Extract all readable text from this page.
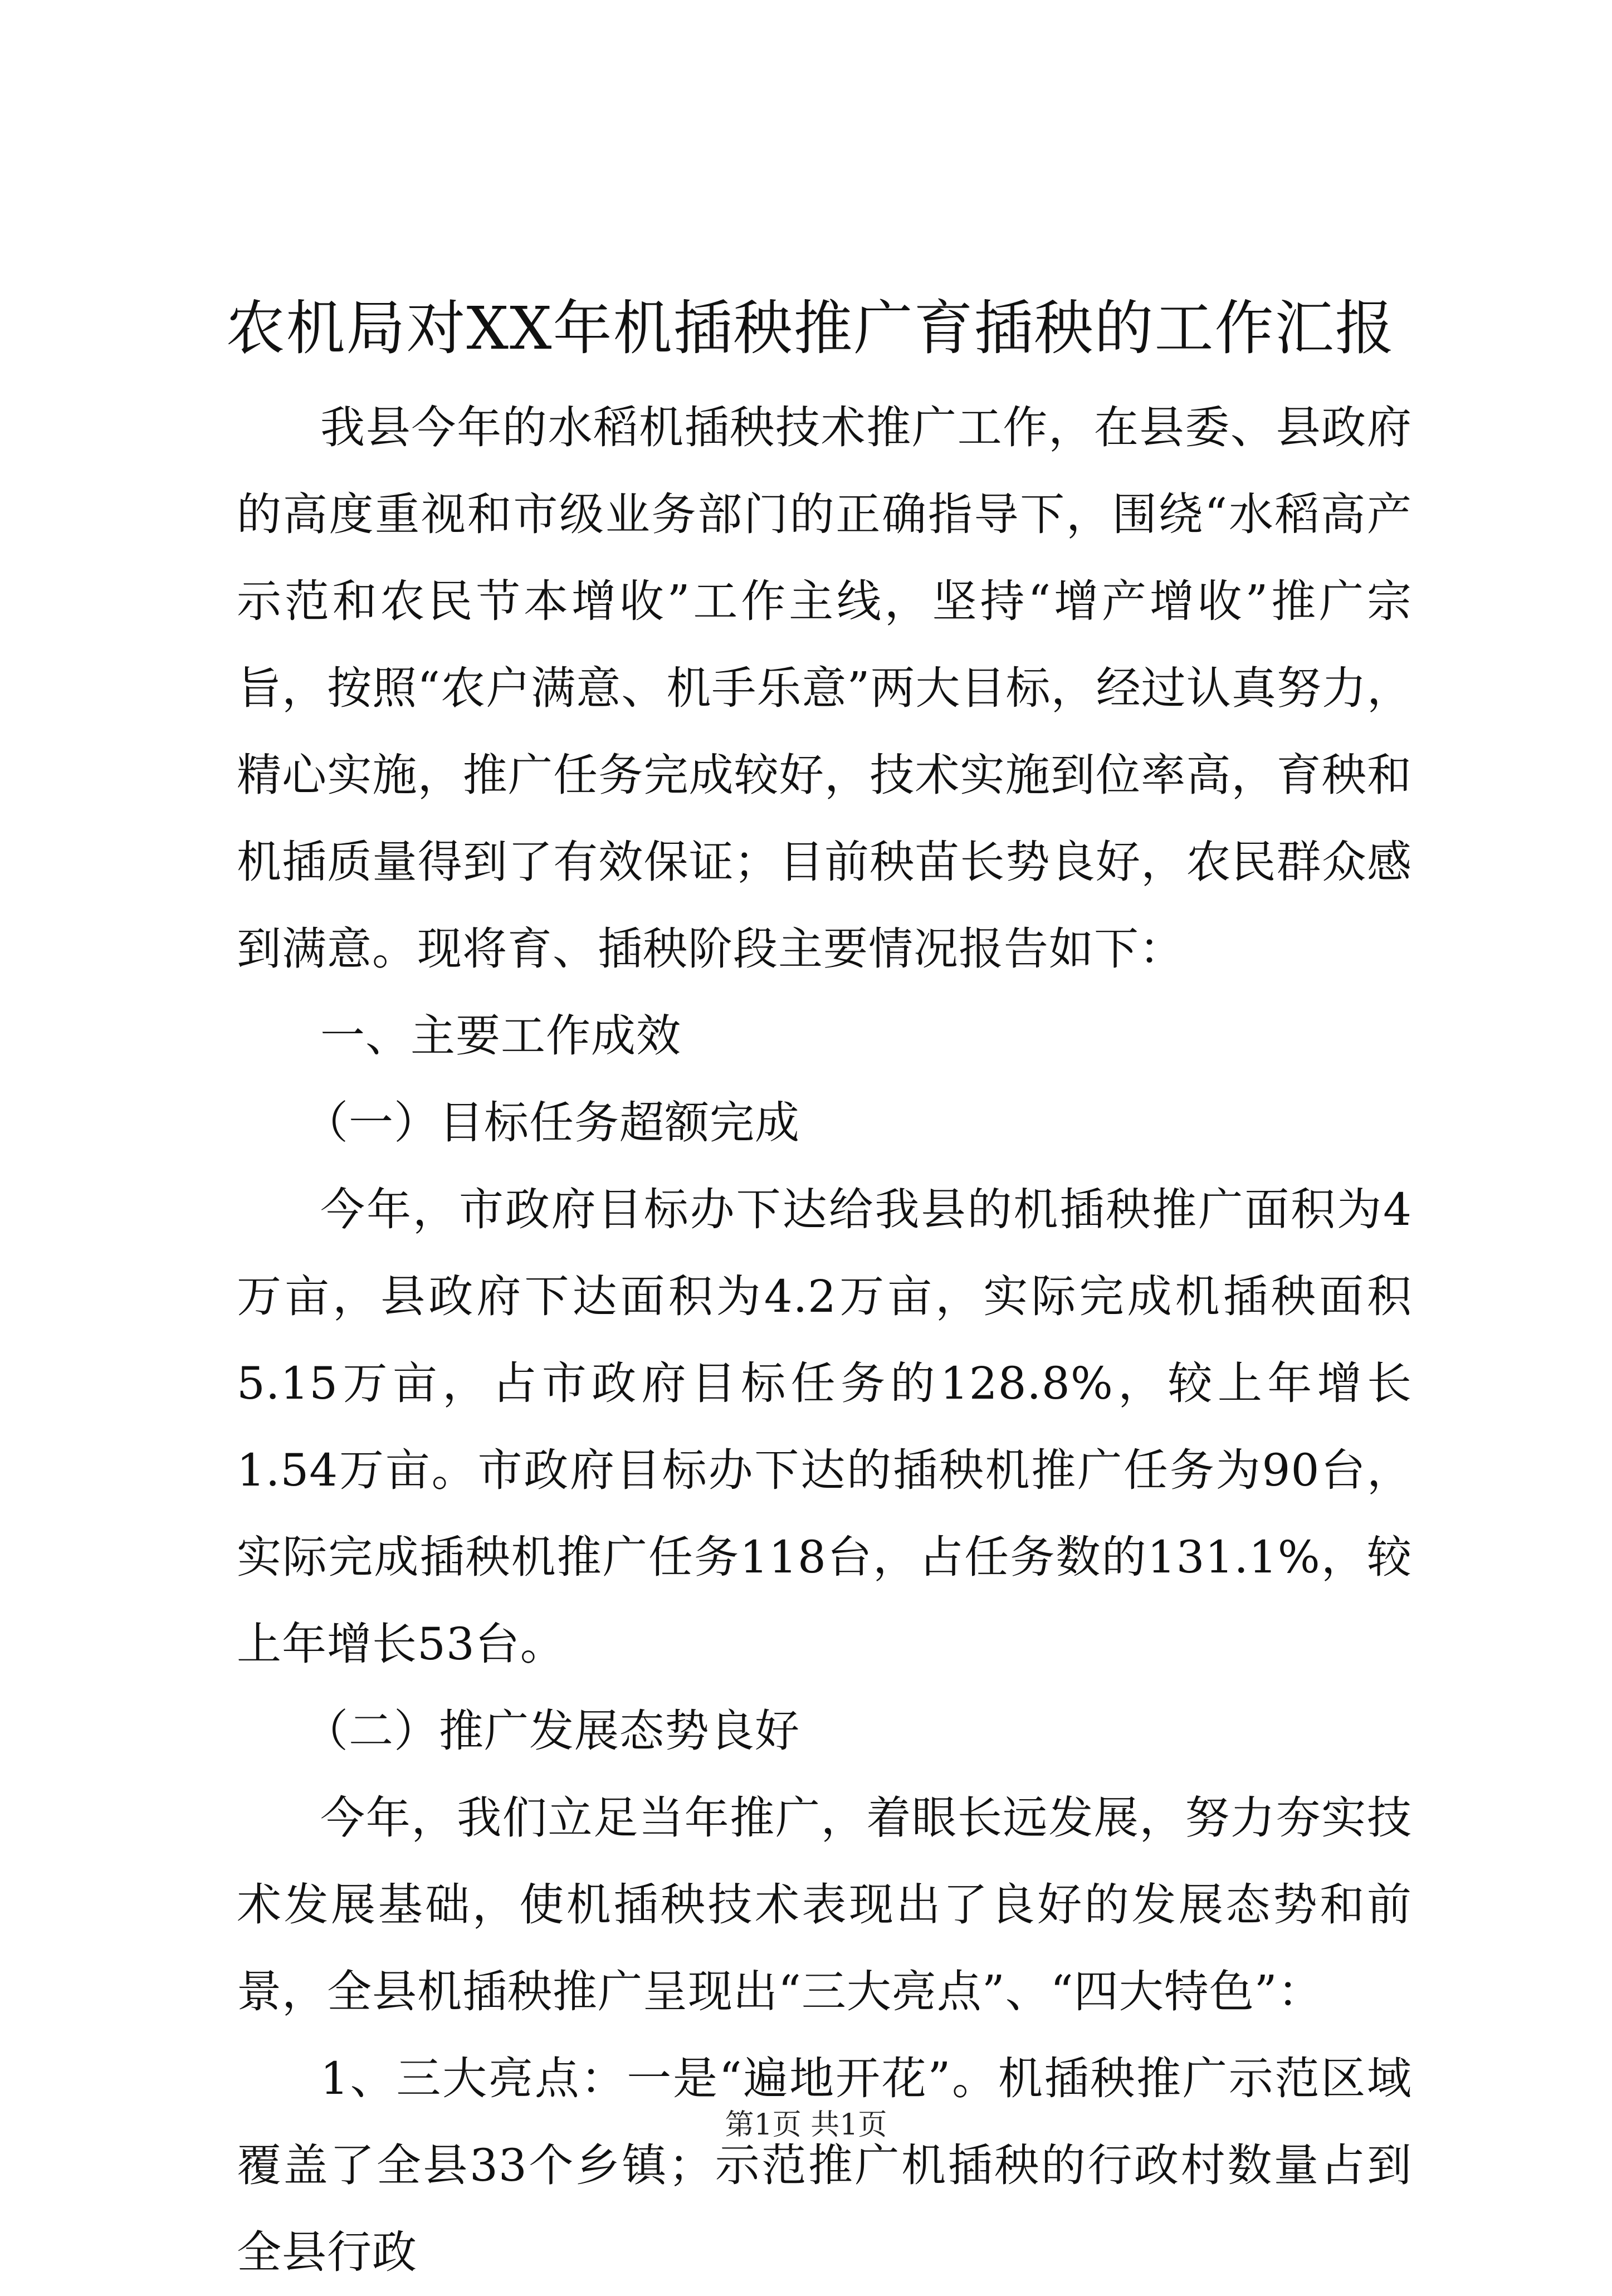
农机局对XX年机插秧推广育插秧的工作汇报

我县今年的水稻机插秧技术推广工作，在县委、县政府的高度重视和市级业务部门的正确指导下，围绕“水稻高产示范和农民节本增收”工作主线，坚持“增产增收”推广宗旨，按照“农户满意、机手乐意”两大目标，经过认真努力，精心实施，推广任务完成较好，技术实施到位率高，育秧和机插质量得到了有效保证；目前秧苗长势良好，农民群众感到满意。现将育、插秧阶段主要情况报告如下：

一、主要工作成效

（一）目标任务超额完成

今年，市政府目标办下达给我县的机插秧推广面积为4万亩，县政府下达面积为4.2万亩，实际完成机插秧面积5.15万亩，占市政府目标任务的128.8%，较上年增长1.54万亩。市政府目标办下达的插秧机推广任务为90台，实际完成插秧机推广任务118台，占任务数的131.1%，较上年增长53台。

（二）推广发展态势良好

今年，我们立足当年推广，着眼长远发展，努力夯实技术发展基础，使机插秧技术表现出了良好的发展态势和前景，全县机插秧推广呈现出“三大亮点”、“四大特色”：

1、三大亮点：一是“遍地开花”。机插秧推广示范区域覆盖了全县33个乡镇；示范推广机插秧的行政村数量占到全县行政

第1页 共1页
